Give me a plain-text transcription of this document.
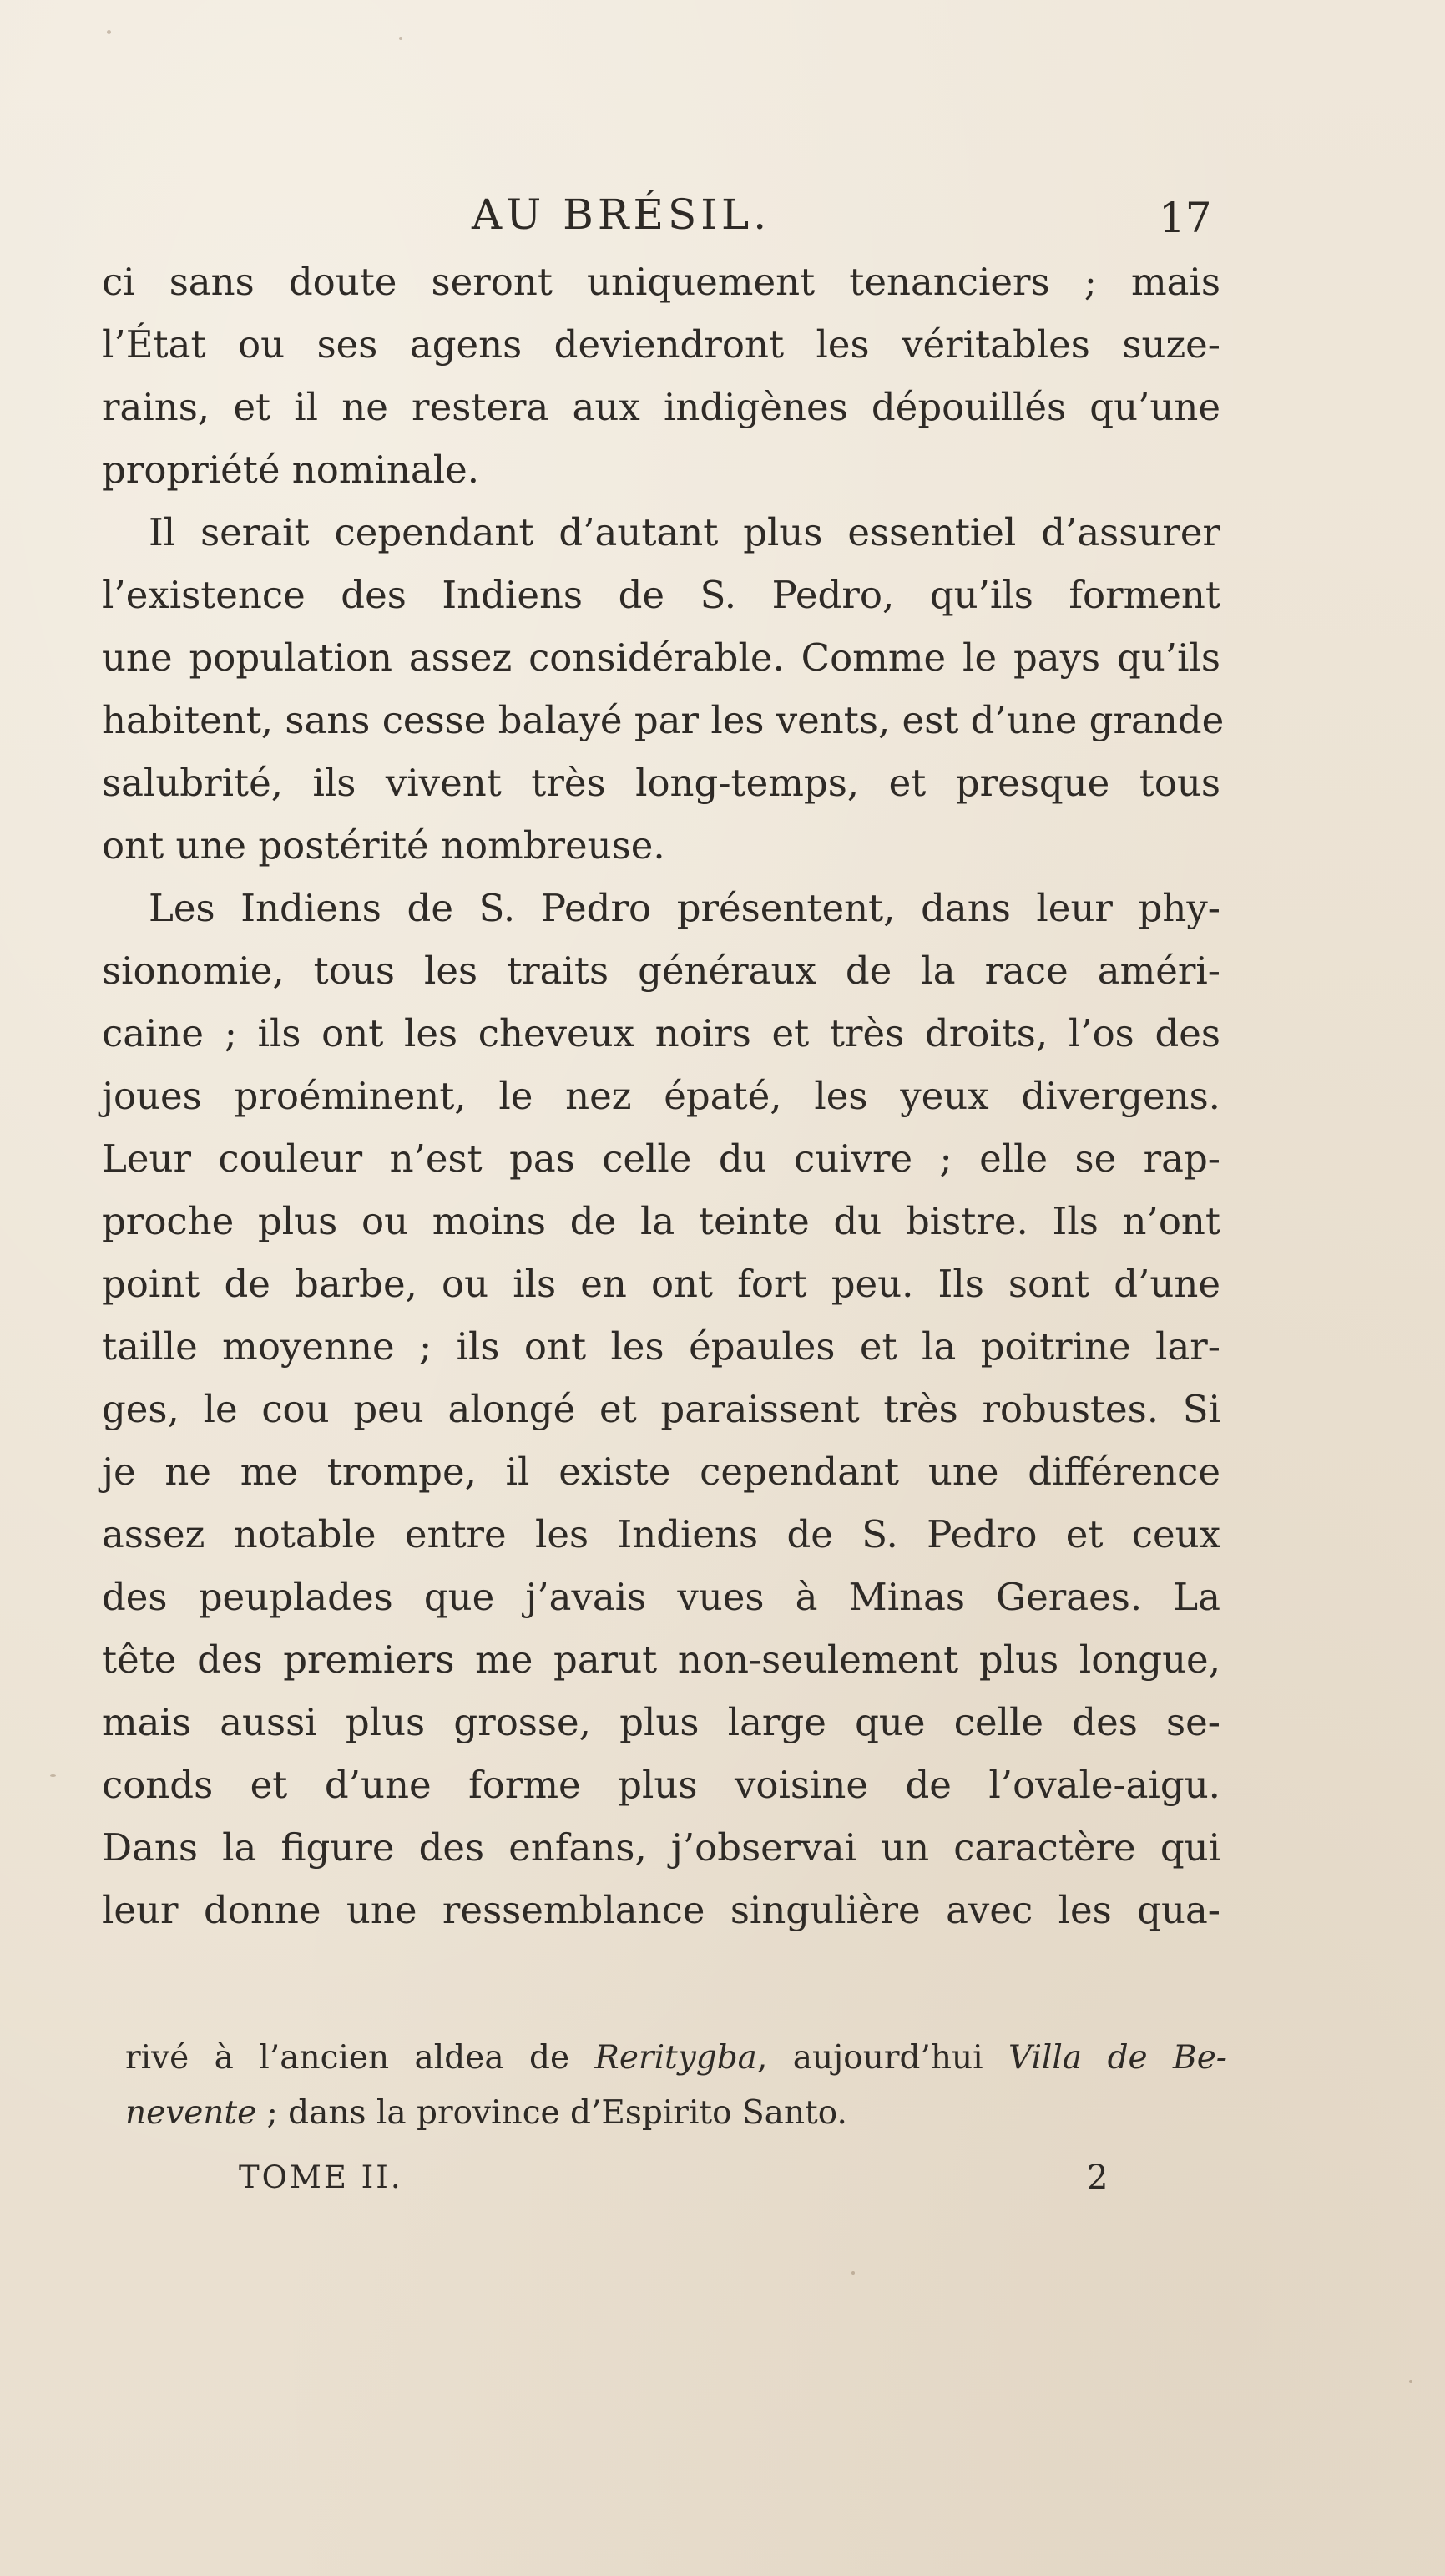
AU BRÉSIL.	17
ci sans doute seront uniquement tenanciers ; mais
l’État ou ses agens deviendront les véritables suze-
rains, et il ne restera aux indigènes dépouillés qu’une
propriété nominale.
Il serait cependant d’autant plus essentiel d’assurer
l’existence des Indiens de S. Pedro, qu’ils forment
une population assez considérable. Comme le pays qu’ils
habitent, sans cesse balayé par les vents, est d’une grande
salubrité, ils vivent très long-temps, et presque tous
ont une postérité nombreuse.
Les Indiens de S. Pedro présentent, dans leur phy-
sionomie, tous les traits généraux de la race améri-
caine ; ils ont les cheveux noirs et très droits, l’os des
joues proéminent, le nez épaté, les yeux divergens.
Leur couleur n’est pas celle du cuivre ; elle se rap-
proche plus ou moins de la teinte du bistre. Ils n’ont
point de barbe, ou ils en ont fort peu. Ils sont d’une
taille moyenne ; ils ont les épaules et la poitrine lar-
ges, le cou peu alongé et paraissent très robustes. Si
je ne me trompe, il existe cependant une différence
assez notable entre les Indiens de S. Pedro et ceux
des peuplades que j’avais vues à Minas Geraes. La
tête des premiers me parut non-seulement plus longue,
mais aussi plus grosse, plus large que celle des se-
conds et d’une forme plus voisine de l’ovale-aigu.
Dans la figure des enfans, j’observai un caractère qui
leur donne une ressemblance singulière avec les qua-
rivé à l’ancien aldea de Reritygba, aujourd’hui Villa de Be-
nevente ; dans la province d’Espirito Santo.
TOME II.	2
